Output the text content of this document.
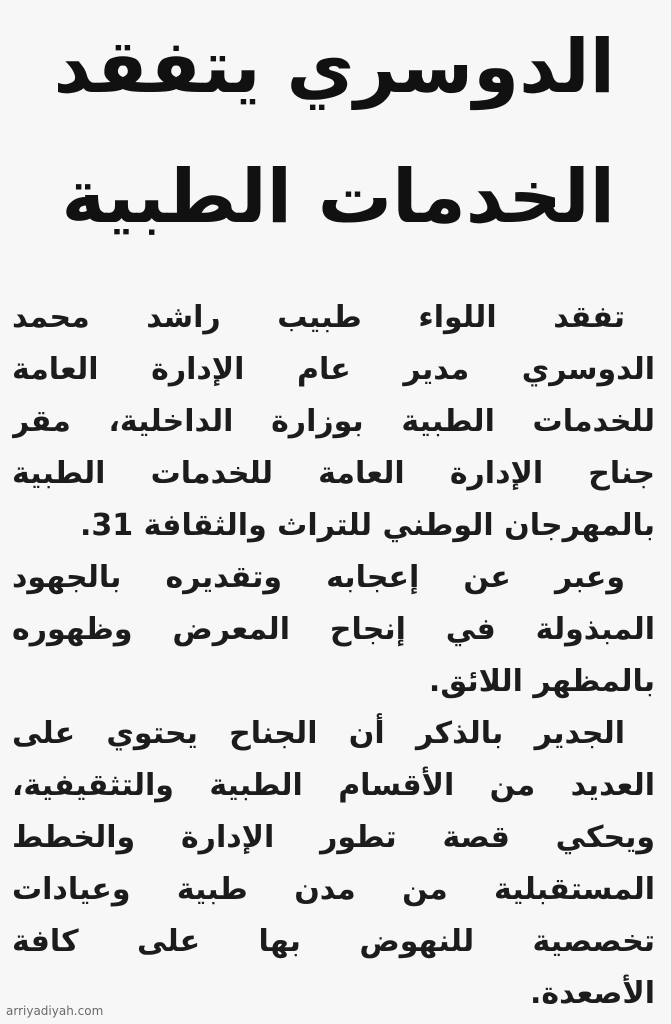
الدوسري يتفقد
الخدمات الطبية
تفقد اللواء طبيب راشد محمد
الدوسري مدير عام الإدارة العامة
للخدمات الطبية بوزارة الداخلية، مقر
جناح الإدارة العامة للخدمات الطبية
بالمهرجان الوطني للتراث والثقافة 31.
وعبر عن إعجابه وتقديره بالجهود
المبذولة في إنجاح المعرض وظهوره
بالمظهر اللائق.
الجدير بالذكر أن الجناح يحتوي على
العديد من الأقسام الطبية والتثقيفية،
ويحكي قصة تطور الإدارة والخطط
المستقبلية من مدن طبية وعيادات
تخصصية للنهوض بها على كافة
الأصعدة.
arriyadiyah.com
